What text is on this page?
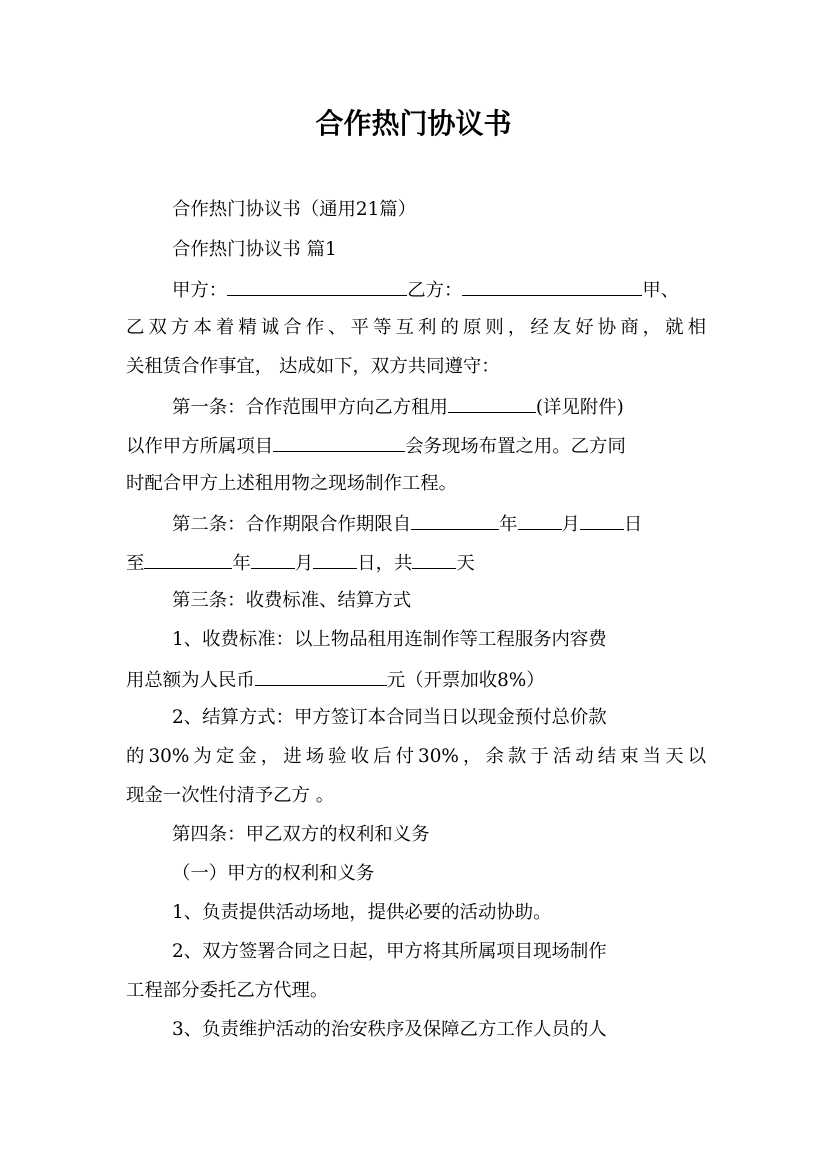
合作热门协议书
合作热门协议书（通用21篇）
合作热门协议书 篇1
甲方：	乙方：	甲、
乙双方本着精诚合作、平等互利的原则，经友好协商，就相
关租赁合作事宜， 达成如下，双方共同遵守：
第一条：合作范围甲方向乙方租用	(详见附件)
以作甲方所属项目	会务现场布置之用。乙方同
时配合甲方上述租用物之现场制作工程。
第二条：合作期限合作期限自	年 月 日
至	年 月 日，共 天
第三条：收费标准、结算方式
1、收费标准：以上物品租用连制作等工程服务内容费
用总额为人民币	元（开票加收8%）
2、结算方式：甲方签订本合同当日以现金预付总价款
的30%为定金，进场验收后付30%，余款于活动结束当天以
现金一次性付清予乙方 。
第四条：甲乙双方的权利和义务
（一）甲方的权利和义务
1、负责提供活动场地，提供必要的活动协助。
2、双方签署合同之日起，甲方将其所属项目现场制作
工程部分委托乙方代理。
3、负责维护活动的治安秩序及保障乙方工作人员的人
